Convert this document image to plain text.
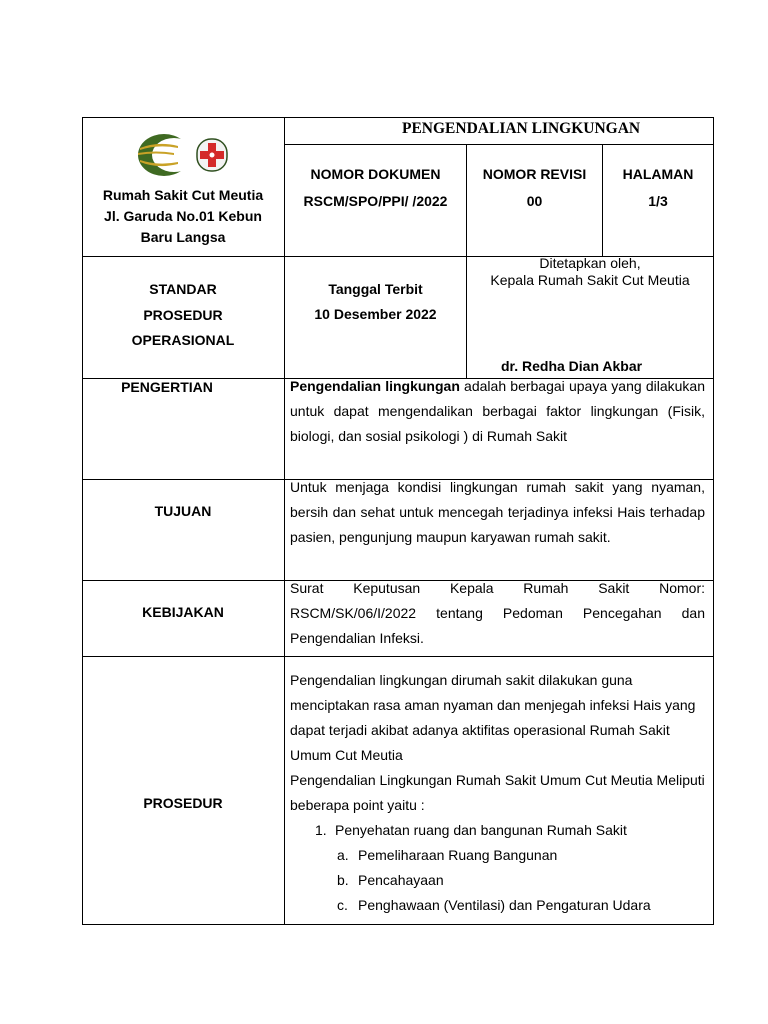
Rumah Sakit Cut Meutia
Jl. Garuda No.01 Kebun
Baru Langsa
PENGENDALIAN LINGKUNGAN
NOMOR DOKUMEN
RSCM/SPO/PPI/ /2022
NOMOR REVISI
00
HALAMAN
1/3
STANDAR
PROSEDUR
OPERASIONAL
Tanggal Terbit
10 Desember 2022
Ditetapkan oleh,
Kepala Rumah Sakit Cut Meutia
dr. Redha Dian Akbar
PENGERTIAN	Pengendalian lingkungan adalah berbagai upaya yang dilakukan untuk dapat mengendalikan berbagai faktor lingkungan (Fisik, biologi, dan sosial psikologi ) di Rumah Sakit
TUJUAN
Untuk menjaga kondisi lingkungan rumah sakit yang nyaman, bersih dan sehat untuk mencegah terjadinya infeksi Hais terhadap pasien, pengunjung maupun karyawan rumah sakit.
KEBIJAKAN
Surat Keputusan Kepala Rumah Sakit Nomor: RSCM/SK/06/I/2022 tentang Pedoman Pencegahan dan Pengendalian Infeksi.
PROSEDUR
Pengendalian lingkungan dirumah sakit dilakukan guna menciptakan rasa aman nyaman dan menjegah infeksi Hais yang dapat terjadi akibat adanya aktifitas operasional Rumah Sakit Umum Cut Meutia
Pengendalian Lingkungan Rumah Sakit Umum Cut Meutia Meliputi beberapa point yaitu :
1. Penyehatan ruang dan bangunan Rumah Sakit
a. Pemeliharaan Ruang Bangunan
b. Pencahayaan
c. Penghawaan (Ventilasi) dan Pengaturan Udara
